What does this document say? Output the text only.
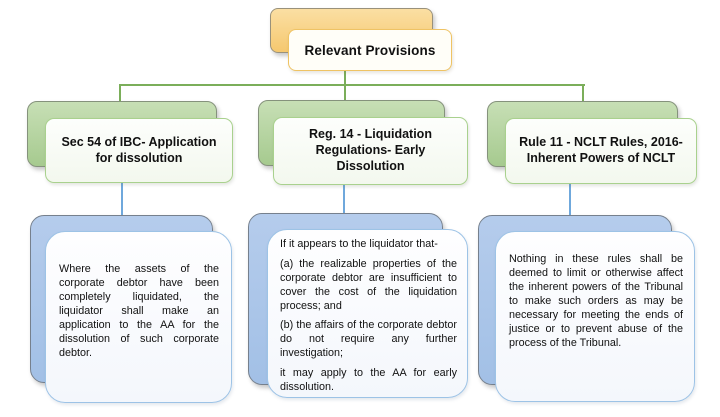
Relevant Provisions
Sec 54 of IBC- Application for dissolution

Where the assets of the corporate debtor have been completely liquidated, the liquidator shall make an application to the AA for the dissolution of such corporate debtor.

Reg. 14 - Liquidation Regulations- Early Dissolution

If it appears to the liquidator that-

(a) the realizable properties of the corporate debtor are insufficient to cover the cost of the liquidation process; and

(b) the affairs of the corporate debtor do not require any further investigation;

it may apply to the AA for early dissolution.

Rule 11 - NCLT Rules, 2016- Inherent Powers of NCLT

Nothing in these rules shall be deemed to limit or otherwise affect the inherent powers of the Tribunal to make such orders as may be necessary for meeting the ends of justice or to prevent abuse of the process of the Tribunal.
